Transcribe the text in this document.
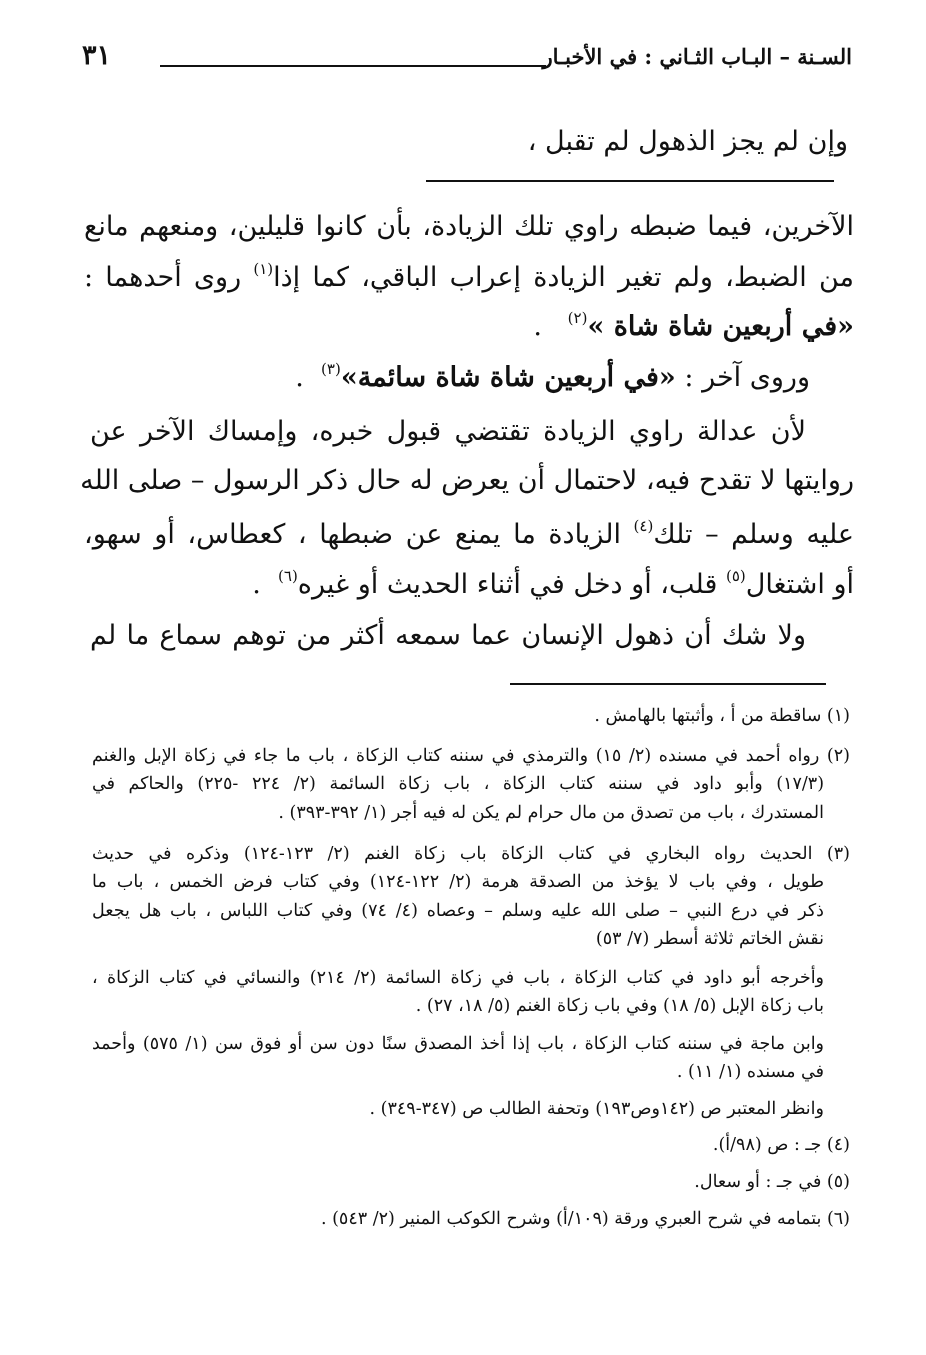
السـنة – البـاب الثـاني : في الأخبـار
٣١
وإن لم يجز الذهول لم تقبل ،
الآخرين، فيما ضبطه راوي تلك الزيادة، بأن كانوا قليلين، ومنعهم مانع
من الضبط، ولم تغير الزيادة إعراب الباقي، كما إذا$^{(١)}$ روى أحدهما :
«في أربعين شاة شاة »$^{(٢)}$   .
وروى آخر : «في أربعين شاة شاة سائمة»$^{(٣)}$  .
لأن عدالة راوي الزيادة تقتضي قبول خبره، وإمساك الآخر عن
روايتها لا تقدح فيه، لاحتمال أن يعرض له حال ذكر الرسول – صلى الله
عليه وسلم – تلك$^{(٤)}$ الزيادة ما يمنع عن ضبطها ، كعطاس، أو سهو،
أو اشتغال$^{(٥)}$ قلب، أو دخل في أثناء الحديث أو غيره$^{(٦)}$  .
ولا شك أن ذهول الإنسان عما سمعه أكثر من توهم سماع ما لم
(١) ساقطة من أ ، وأثبتها بالهامش .
(٢) رواه أحمد في مسنده (٢/ ١٥) والترمذي في سننه كتاب الزكاة ، باب ما جاء في زكاة الإبل والغنم
(١٧/٣) وأبو داود في سننه كتاب الزكاة ، باب زكاة السائمة (٢/ ٢٢٤ -٢٢٥) والحاكم في
المستدرك ، باب من تصدق من مال حرام لم يكن له فيه أجر (١/ ٣٩٢-٣٩٣) .
(٣) الحديث رواه البخاري في كتاب الزكاة باب زكاة الغنم (٢/ ١٢٣-١٢٤) وذكره في حديث
طويل ، وفي باب لا يؤخذ من الصدقة هرمة (٢/ ١٢٢-١٢٤) وفي كتاب فرض الخمس ، باب ما
ذكر في درع النبي – صلى الله عليه وسلم – وعصاه (٤/ ٧٤) وفي كتاب اللباس ، باب هل يجعل
نقش الخاتم ثلاثة أسطر (٧/ ٥٣)
وأخرجه أبو داود في كتاب الزكاة ، باب في زكاة السائمة (٢/ ٢١٤) والنسائي في كتاب الزكاة ،
باب زكاة الإبل (٥/ ١٨) وفي باب زكاة الغنم (٥/ ١٨، ٢٧) .
وابن ماجة في سننه كتاب الزكاة ، باب إذا أخذ المصدق سنًا دون سن أو فوق سن (١/ ٥٧٥) وأحمد
في مسنده (١/ ١١) .
وانظر المعتبر ص (١٤٢وص١٩٣) وتحفة الطالب ص (٣٤٧-٣٤٩) .
(٤) جـ : ص (٩٨/أ).
(٥) في جـ : أو سعال.
(٦) بتمامه في شرح العبري ورقة (١٠٩/أ) وشرح الكوكب المنير (٢/ ٥٤٣) .
